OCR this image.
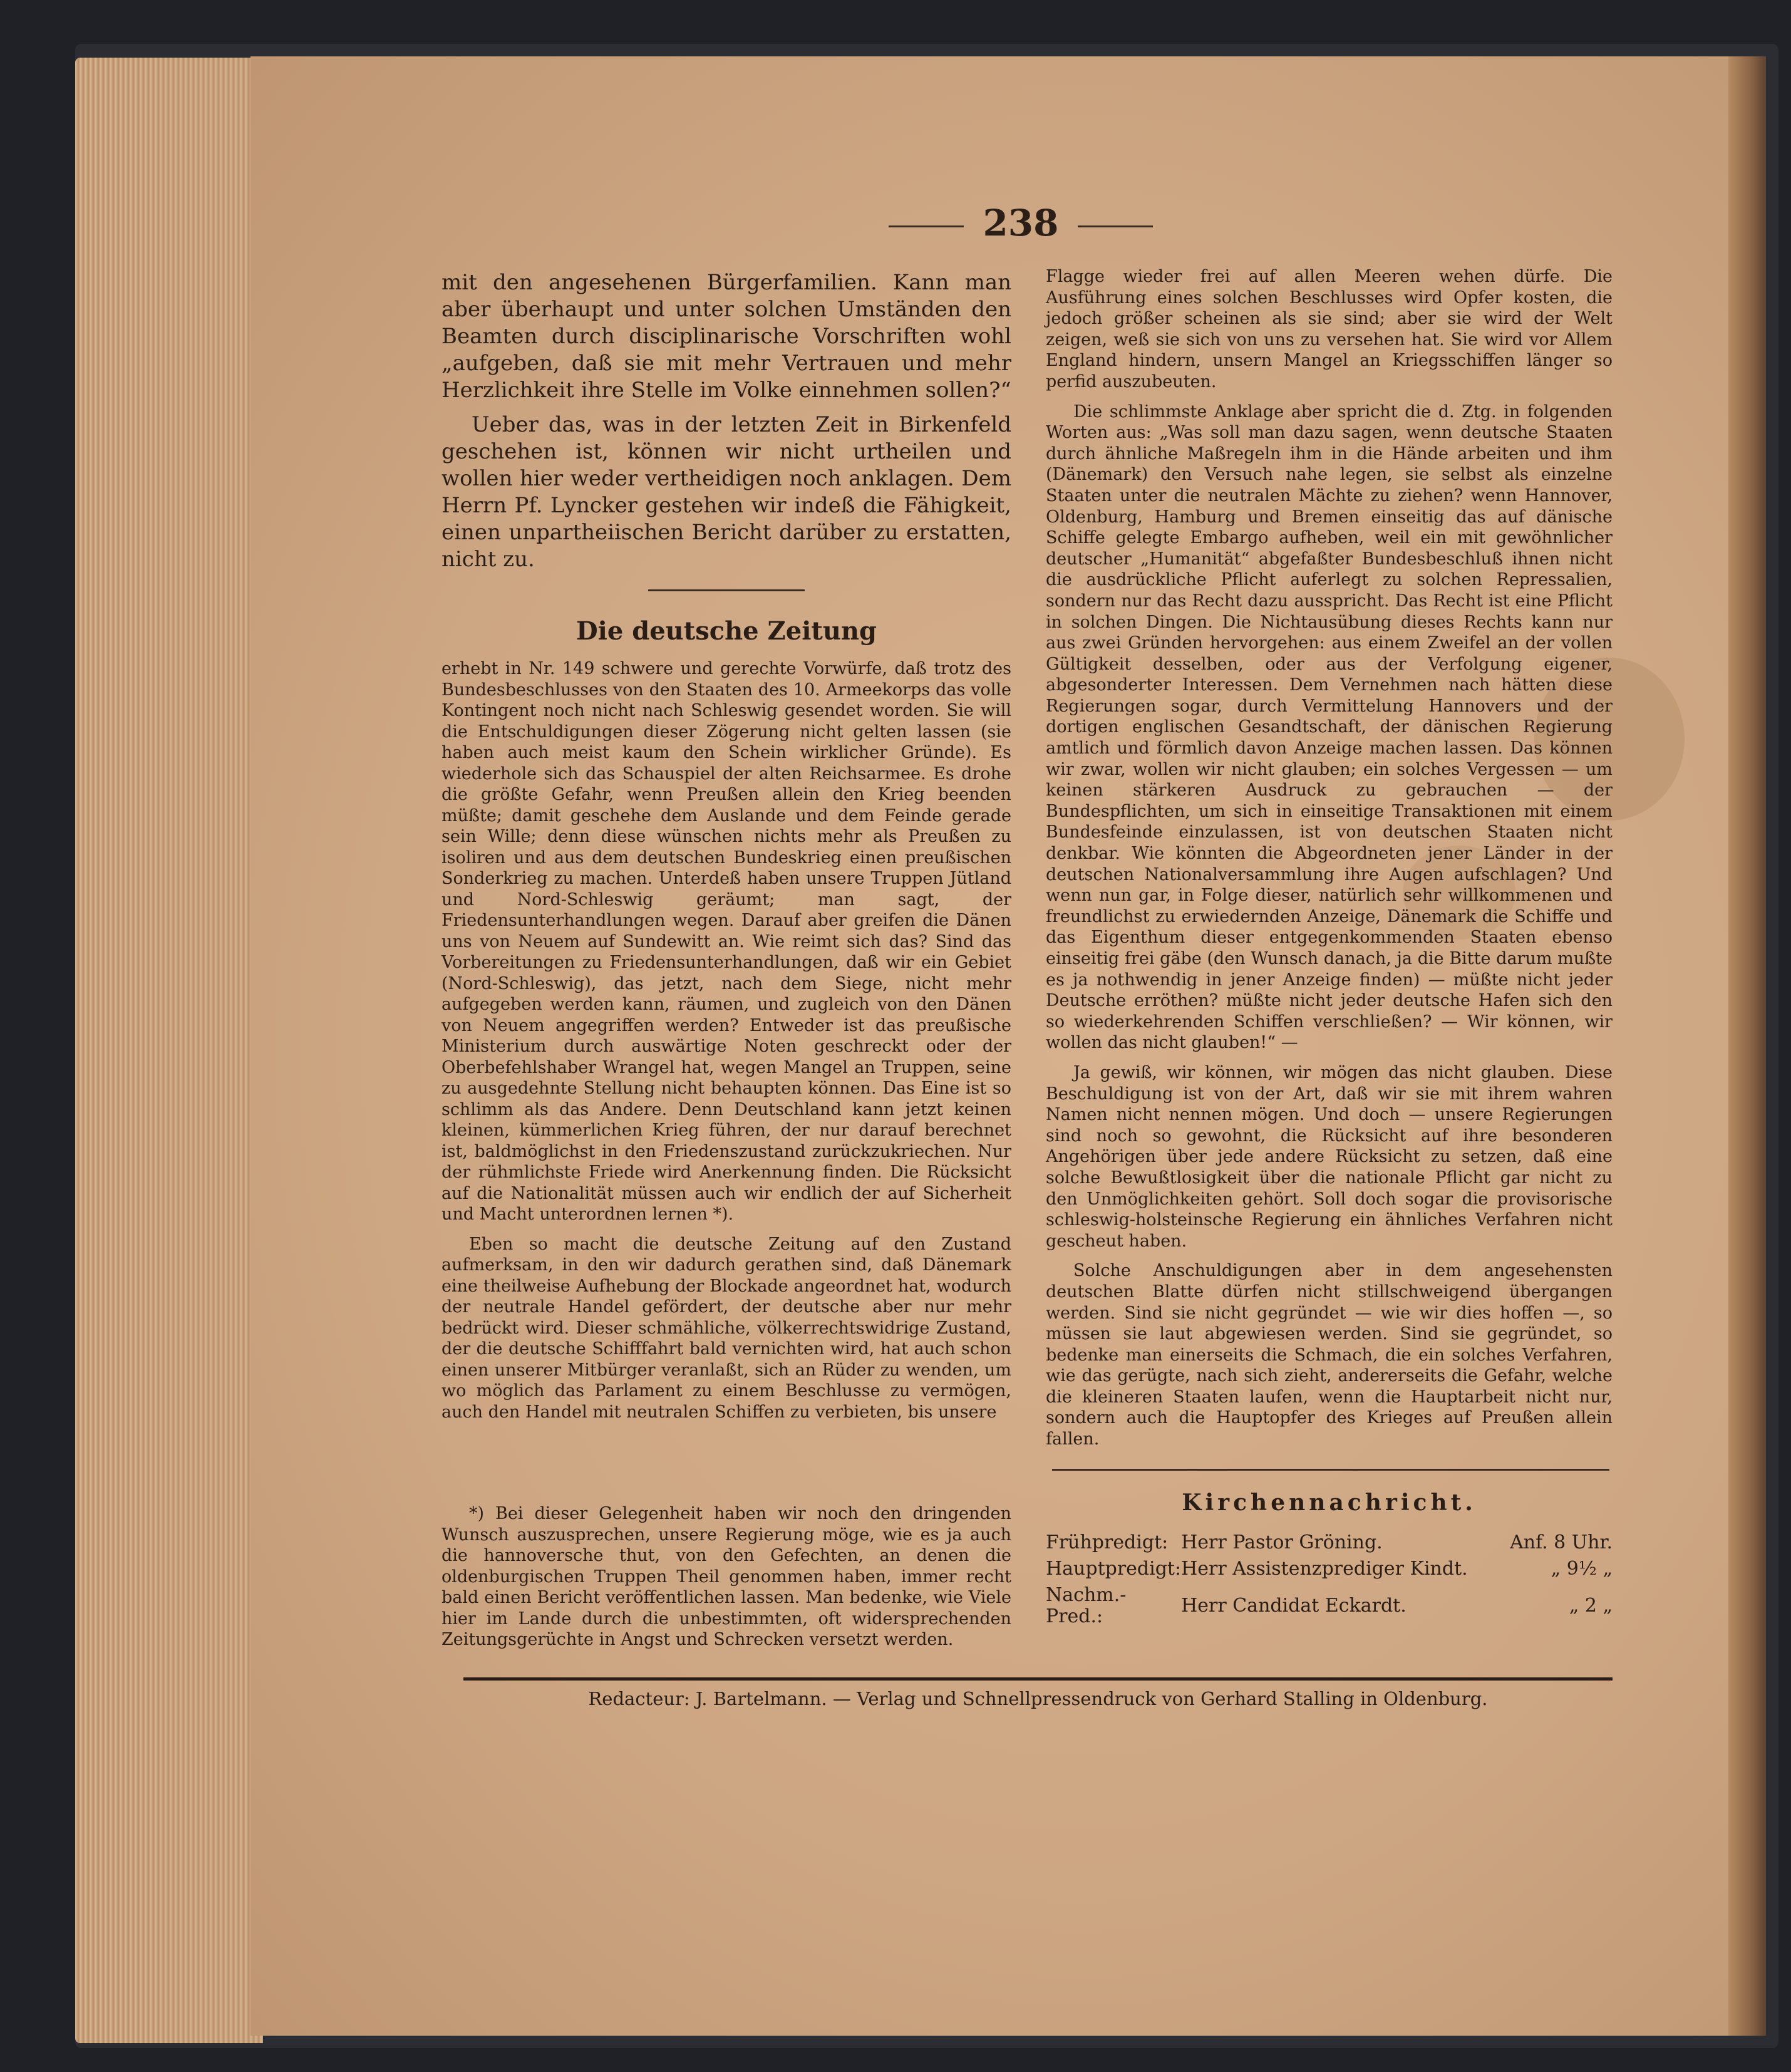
238

mit den angesehenen Bürgerfamilien. Kann man aber überhaupt und unter solchen Umständen den Beamten durch disciplinarische Vorschriften wohl „aufgeben, daß sie mit mehr Vertrauen und mehr Herzlichkeit ihre Stelle im Volke einnehmen sollen?“

Ueber das, was in der letzten Zeit in Birkenfeld geschehen ist, können wir nicht urtheilen und wollen hier weder vertheidigen noch anklagen. Dem Herrn Pf. Lyncker gestehen wir indeß die Fähigkeit, einen unpartheiischen Bericht darüber zu erstatten, nicht zu.

Die deutsche Zeitung

erhebt in Nr. 149 schwere und gerechte Vorwürfe, daß trotz des Bundesbeschlusses von den Staaten des 10. Armeekorps das volle Kontingent noch nicht nach Schleswig gesendet worden. Sie will die Entschuldigungen dieser Zögerung nicht gelten lassen (sie haben auch meist kaum den Schein wirklicher Gründe). Es wiederhole sich das Schauspiel der alten Reichsarmee. Es drohe die größte Gefahr, wenn Preußen allein den Krieg beenden müßte; damit geschehe dem Auslande und dem Feinde gerade sein Wille; denn diese wünschen nichts mehr als Preußen zu isoliren und aus dem deutschen Bundeskrieg einen preußischen Sonderkrieg zu machen. Unterdeß haben unsere Truppen Jütland und Nord-Schleswig geräumt; man sagt, der Friedensunterhandlungen wegen. Darauf aber greifen die Dänen uns von Neuem auf Sundewitt an. Wie reimt sich das? Sind das Vorbereitungen zu Friedensunterhandlungen, daß wir ein Gebiet (Nord-Schleswig), das jetzt, nach dem Siege, nicht mehr aufgegeben werden kann, räumen, und zugleich von den Dänen von Neuem angegriffen werden? Entweder ist das preußische Ministerium durch auswärtige Noten geschreckt oder der Oberbefehlshaber Wrangel hat, wegen Mangel an Truppen, seine zu ausgedehnte Stellung nicht behaupten können. Das Eine ist so schlimm als das Andere. Denn Deutschland kann jetzt keinen kleinen, kümmerlichen Krieg führen, der nur darauf berechnet ist, baldmöglichst in den Friedenszustand zurückzukriechen. Nur der rühmlichste Friede wird Anerkennung finden. Die Rücksicht auf die Nationalität müssen auch wir endlich der auf Sicherheit und Macht unterordnen lernen *).

Eben so macht die deutsche Zeitung auf den Zustand aufmerksam, in den wir dadurch gerathen sind, daß Dänemark eine theilweise Aufhebung der Blockade angeordnet hat, wodurch der neutrale Handel gefördert, der deutsche aber nur mehr bedrückt wird. Dieser schmähliche, völkerrechtswidrige Zustand, der die deutsche Schifffahrt bald vernichten wird, hat auch schon einen unserer Mitbürger veranlaßt, sich an Rüder zu wenden, um wo möglich das Parlament zu einem Beschlusse zu vermögen, auch den Handel mit neutralen Schiffen zu verbieten, bis unsere

*) Bei dieser Gelegenheit haben wir noch den dringenden Wunsch auszusprechen, unsere Regierung möge, wie es ja auch die hannoversche thut, von den Gefechten, an denen die oldenburgischen Truppen Theil genommen haben, immer recht bald einen Bericht veröffentlichen lassen. Man bedenke, wie Viele hier im Lande durch die unbestimmten, oft widersprechenden Zeitungsgerüchte in Angst und Schrecken versetzt werden.

Flagge wieder frei auf allen Meeren wehen dürfe. Die Ausführung eines solchen Beschlusses wird Opfer kosten, die jedoch größer scheinen als sie sind; aber sie wird der Welt zeigen, weß sie sich von uns zu versehen hat. Sie wird vor Allem England hindern, unsern Mangel an Kriegsschiffen länger so perfid auszubeuten.

Die schlimmste Anklage aber spricht die d. Ztg. in folgenden Worten aus: „Was soll man dazu sagen, wenn deutsche Staaten durch ähnliche Maßregeln ihm in die Hände arbeiten und ihm (Dänemark) den Versuch nahe legen, sie selbst als einzelne Staaten unter die neutralen Mächte zu ziehen? wenn Hannover, Oldenburg, Hamburg und Bremen einseitig das auf dänische Schiffe gelegte Embargo aufheben, weil ein mit gewöhnlicher deutscher „Humanität“ abgefaßter Bundesbeschluß ihnen nicht die ausdrückliche Pflicht auferlegt zu solchen Repressalien, sondern nur das Recht dazu ausspricht. Das Recht ist eine Pflicht in solchen Dingen. Die Nichtausübung dieses Rechts kann nur aus zwei Gründen hervorgehen: aus einem Zweifel an der vollen Gültigkeit desselben, oder aus der Verfolgung eigener, abgesonderter Interessen. Dem Vernehmen nach hätten diese Regierungen sogar, durch Vermittelung Hannovers und der dortigen englischen Gesandtschaft, der dänischen Regierung amtlich und förmlich davon Anzeige machen lassen. Das können wir zwar, wollen wir nicht glauben; ein solches Vergessen — um keinen stärkeren Ausdruck zu gebrauchen — der Bundespflichten, um sich in einseitige Transaktionen mit einem Bundesfeinde einzulassen, ist von deutschen Staaten nicht denkbar. Wie könnten die Abgeordneten jener Länder in der deutschen Nationalversammlung ihre Augen aufschlagen? Und wenn nun gar, in Folge dieser, natürlich sehr willkommenen und freundlichst zu erwiedernden Anzeige, Dänemark die Schiffe und das Eigenthum dieser entgegenkommenden Staaten ebenso einseitig frei gäbe (den Wunsch danach, ja die Bitte darum mußte es ja nothwendig in jener Anzeige finden) — müßte nicht jeder Deutsche erröthen? müßte nicht jeder deutsche Hafen sich den so wiederkehrenden Schiffen verschließen? — Wir können, wir wollen das nicht glauben!“ —

Ja gewiß, wir können, wir mögen das nicht glauben. Diese Beschuldigung ist von der Art, daß wir sie mit ihrem wahren Namen nicht nennen mögen. Und doch — unsere Regierungen sind noch so gewohnt, die Rücksicht auf ihre besonderen Angehörigen über jede andere Rücksicht zu setzen, daß eine solche Bewußtlosigkeit über die nationale Pflicht gar nicht zu den Unmöglichkeiten gehört. Soll doch sogar die provisorische schleswig-holsteinsche Regierung ein ähnliches Verfahren nicht gescheut haben.

Solche Anschuldigungen aber in dem angesehensten deutschen Blatte dürfen nicht stillschweigend übergangen werden. Sind sie nicht gegründet — wie wir dies hoffen —, so müssen sie laut abgewiesen werden. Sind sie gegründet, so bedenke man einerseits die Schmach, die ein solches Verfahren, wie das gerügte, nach sich zieht, andererseits die Gefahr, welche die kleineren Staaten laufen, wenn die Hauptarbeit nicht nur, sondern auch die Hauptopfer des Krieges auf Preußen allein fallen.

Kirchennachricht.
Frühpredigt:	Herr Pastor Gröning.	Anf. 8 Uhr.
Hauptpredigt:	Herr Assistenzprediger Kindt.	„ 9½ „
Nachm.-Pred.:	Herr Candidat Eckardt.	„ 2 „
Redacteur: J. Bartelmann. — Verlag und Schnellpressendruck von Gerhard Stalling in Oldenburg.
